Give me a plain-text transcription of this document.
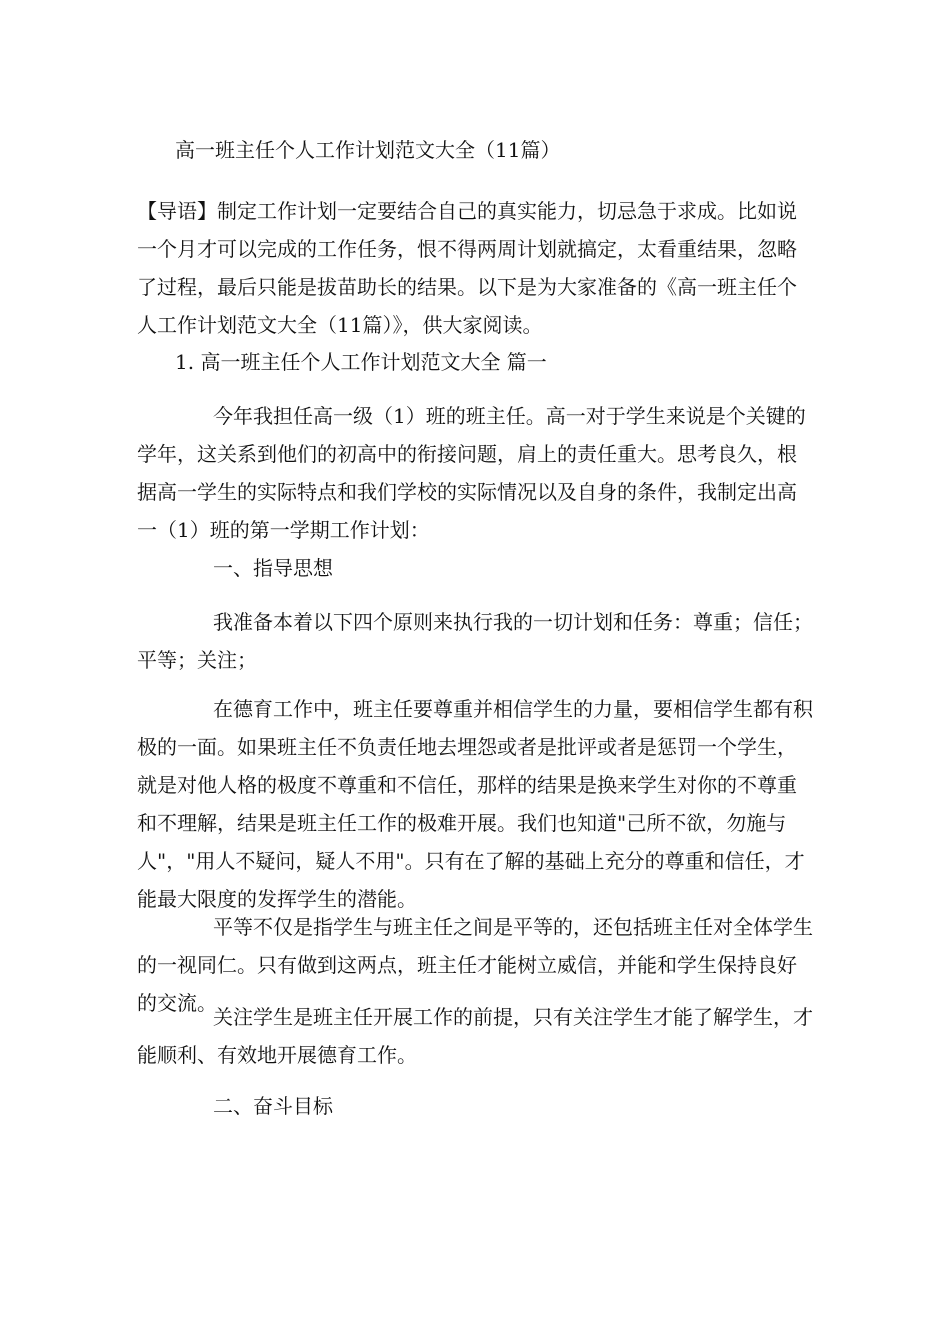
高一班主任个人工作计划范文大全（11篇）

【导语】制定工作计划一定要结合自己的真实能力，切忌急于求成。比如说一个月才可以完成的工作任务，恨不得两周计划就搞定，太看重结果，忽略了过程，最后只能是拔苗助长的结果。以下是为大家准备的《高一班主任个人工作计划范文大全（11篇）》，供大家阅读。

1. 高一班主任个人工作计划范文大全 篇一

今年我担任高一级（1）班的班主任。高一对于学生来说是个关键的学年，这关系到他们的初高中的衔接问题，肩上的责任重大。思考良久，根据高一学生的实际特点和我们学校的实际情况以及自身的条件，我制定出高一（1）班的第一学期工作计划：

一、指导思想

我准备本着以下四个原则来执行我的一切计划和任务：尊重；信任；平等；关注；

在德育工作中，班主任要尊重并相信学生的力量，要相信学生都有积极的一面。如果班主任不负责任地去埋怨或者是批评或者是惩罚一个学生，就是对他人格的极度不尊重和不信任，那样的结果是换来学生对你的不尊重和不理解，结果是班主任工作的极难开展。我们也知道"己所不欲，勿施与人"，"用人不疑问，疑人不用"。只有在了解的基础上充分的尊重和信任，才能最大限度的发挥学生的潜能。

平等不仅是指学生与班主任之间是平等的，还包括班主任对全体学生的一视同仁。只有做到这两点，班主任才能树立威信，并能和学生保持良好的交流。

关注学生是班主任开展工作的前提，只有关注学生才能了解学生，才能顺利、有效地开展德育工作。

二、奋斗目标
